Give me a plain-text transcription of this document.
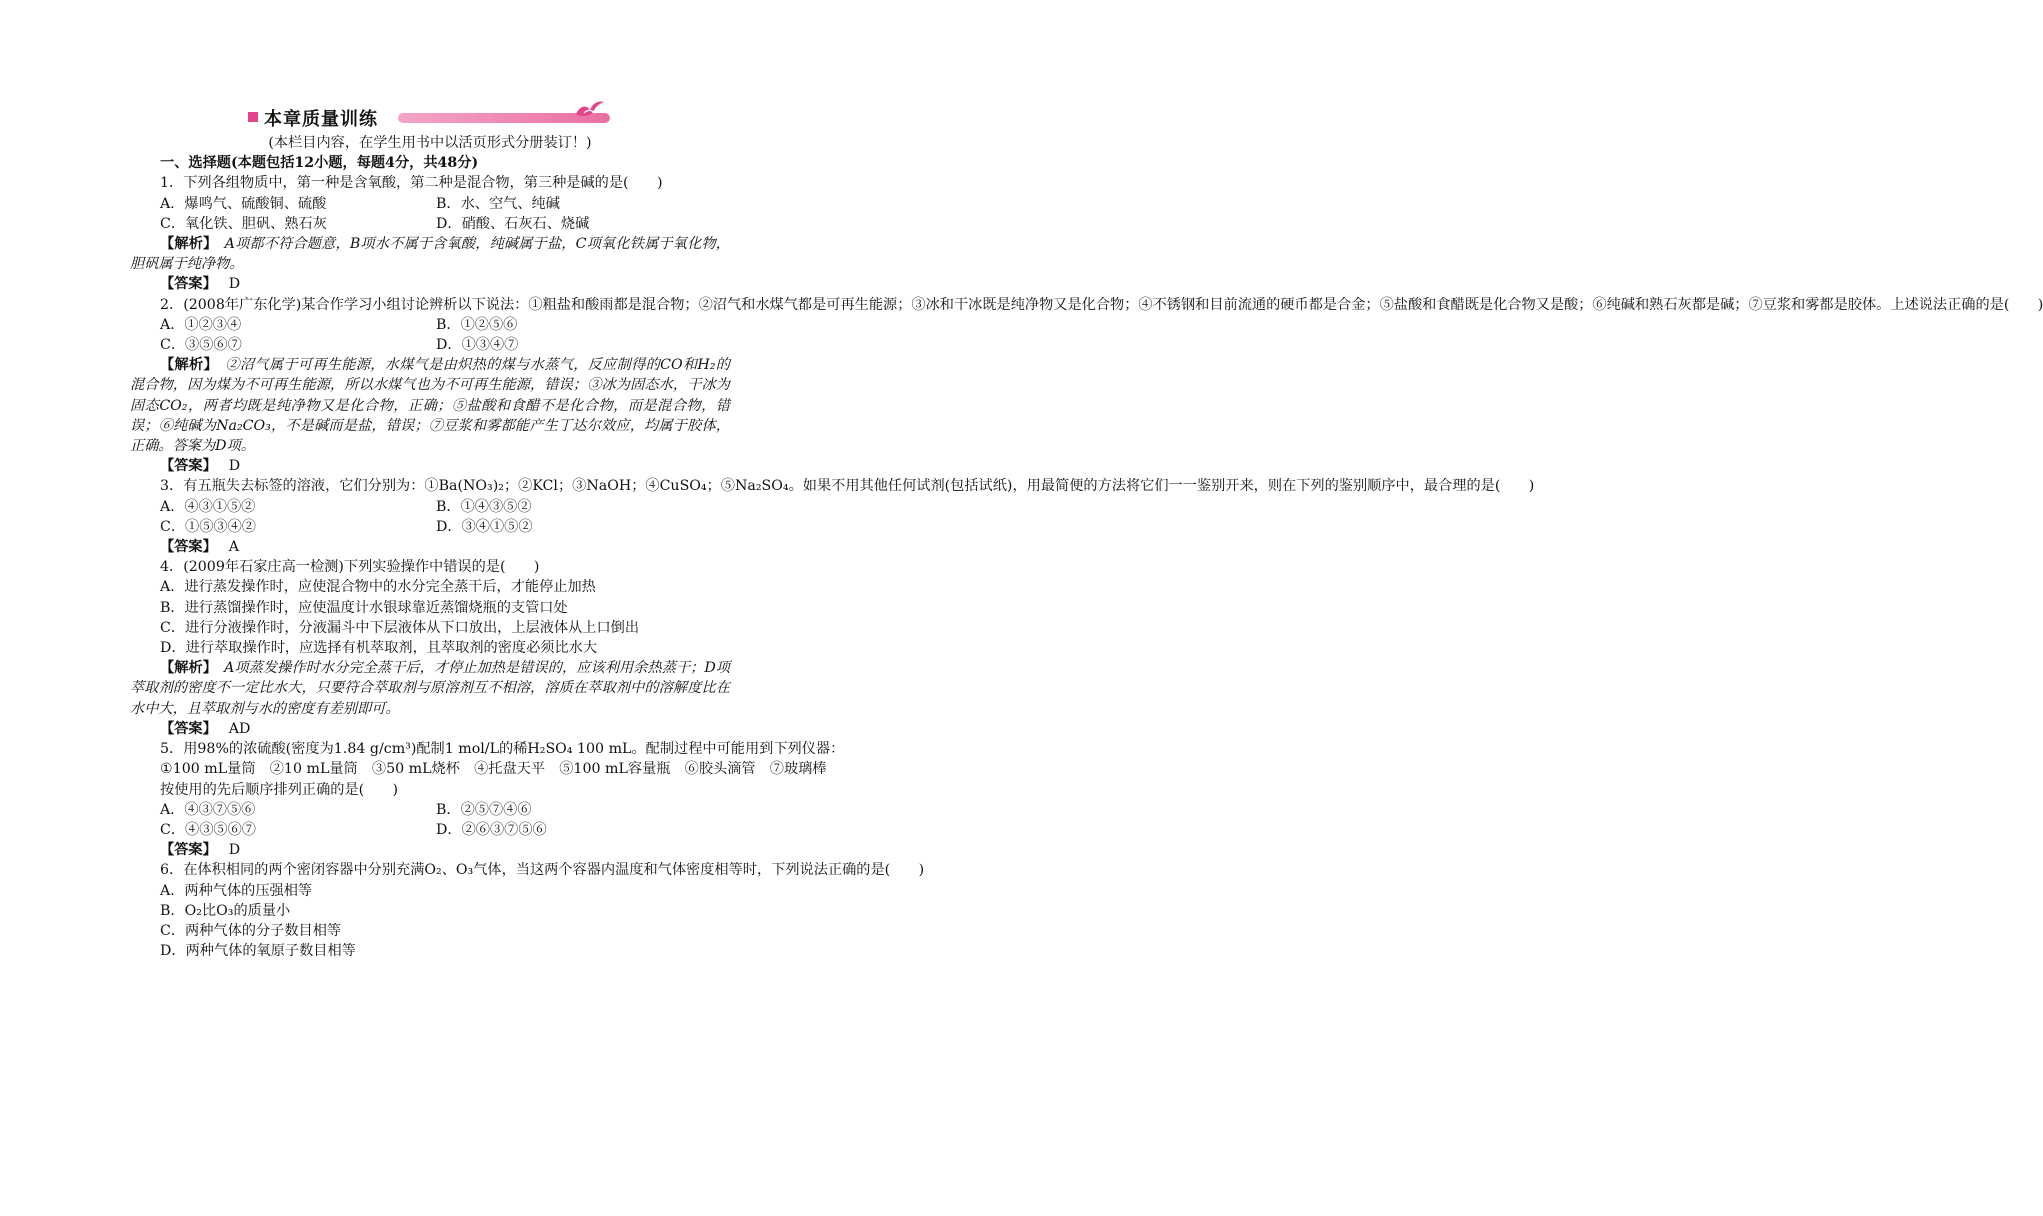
本章质量训练

(本栏目内容，在学生用书中以活页形式分册装订！)

一、选择题(本题包括12小题，每题4分，共48分)

1．下列各组物质中，第一种是含氧酸，第二种是混合物，第三种是碱的是(　　)

A．爆鸣气、硫酸铜、硫酸	B．水、空气、纯碱
C．氧化铁、胆矾、熟石灰	D．硝酸、石灰石、烧碱

【解析】　 A项都不符合题意，B项水不属于含氧酸，纯碱属于盐，C项氧化铁属于氧化物，胆矾属于纯净物。

【答案】　 D

2．(2008年广东化学)某合作学习小组讨论辨析以下说法：①粗盐和酸雨都是混合物；②沼气和水煤气都是可再生能源；③冰和干冰既是纯净物又是化合物；④不锈钢和目前流通的硬币都是合金；⑤盐酸和食醋既是化合物又是酸；⑥纯碱和熟石灰都是碱；⑦豆浆和雾都是胶体。上述说法正确的是(　　)

A．①②③④	B．①②⑤⑥
C．③⑤⑥⑦	D．①③④⑦

【解析】　 ②沼气属于可再生能源，水煤气是由炽热的煤与水蒸气，反应制得的CO和H₂的混合物，因为煤为不可再生能源，所以水煤气也为不可再生能源，错误；③冰为固态水，干冰为固态CO₂，两者均既是纯净物又是化合物，正确；⑤盐酸和食醋不是化合物，而是混合物，错误；⑥纯碱为Na₂CO₃，不是碱而是盐，错误；⑦豆浆和雾都能产生丁达尔效应，均属于胶体，正确。答案为D项。

【答案】　 D

3．有五瓶失去标签的溶液，它们分别为：①Ba(NO₃)₂；②KCl；③NaOH；④CuSO₄；⑤Na₂SO₄。如果不用其他任何试剂(包括试纸)，用最简便的方法将它们一一鉴别开来，则在下列的鉴别顺序中，最合理的是(　　)

A．④③①⑤②	B．①④③⑤②
C．①⑤③④②	D．③④①⑤②

【答案】　 A

4．(2009年石家庄高一检测)下列实验操作中错误的是(　　)

A．进行蒸发操作时，应使混合物中的水分完全蒸干后，才能停止加热

B．进行蒸馏操作时，应使温度计水银球靠近蒸馏烧瓶的支管口处

C．进行分液操作时，分液漏斗中下层液体从下口放出，上层液体从上口倒出

D．进行萃取操作时，应选择有机萃取剂，且萃取剂的密度必须比水大

【解析】　 A项蒸发操作时水分完全蒸干后，才停止加热是错误的，应该利用余热蒸干；D项萃取剂的密度不一定比水大，只要符合萃取剂与原溶剂互不相溶，溶质在萃取剂中的溶解度比在水中大，且萃取剂与水的密度有差别即可。

【答案】　 AD

5．用98%的浓硫酸(密度为1.84 g/cm³)配制1 mol/L的稀H₂SO₄ 100 mL。配制过程中可能用到下列仪器：

①100 mL量筒　②10 mL量筒　③50 mL烧杯　④托盘天平　⑤100 mL容量瓶　⑥胶头滴管　⑦玻璃棒

按使用的先后顺序排列正确的是(　　)

A．④③⑦⑤⑥	B．②⑤⑦④⑥
C．④③⑤⑥⑦	D．②⑥③⑦⑤⑥

【答案】　 D

6．在体积相同的两个密闭容器中分别充满O₂、O₃气体，当这两个容器内温度和气体密度相等时，下列说法正确的是(　　)

A．两种气体的压强相等

B．O₂比O₃的质量小

C．两种气体的分子数目相等

D．两种气体的氧原子数目相等
